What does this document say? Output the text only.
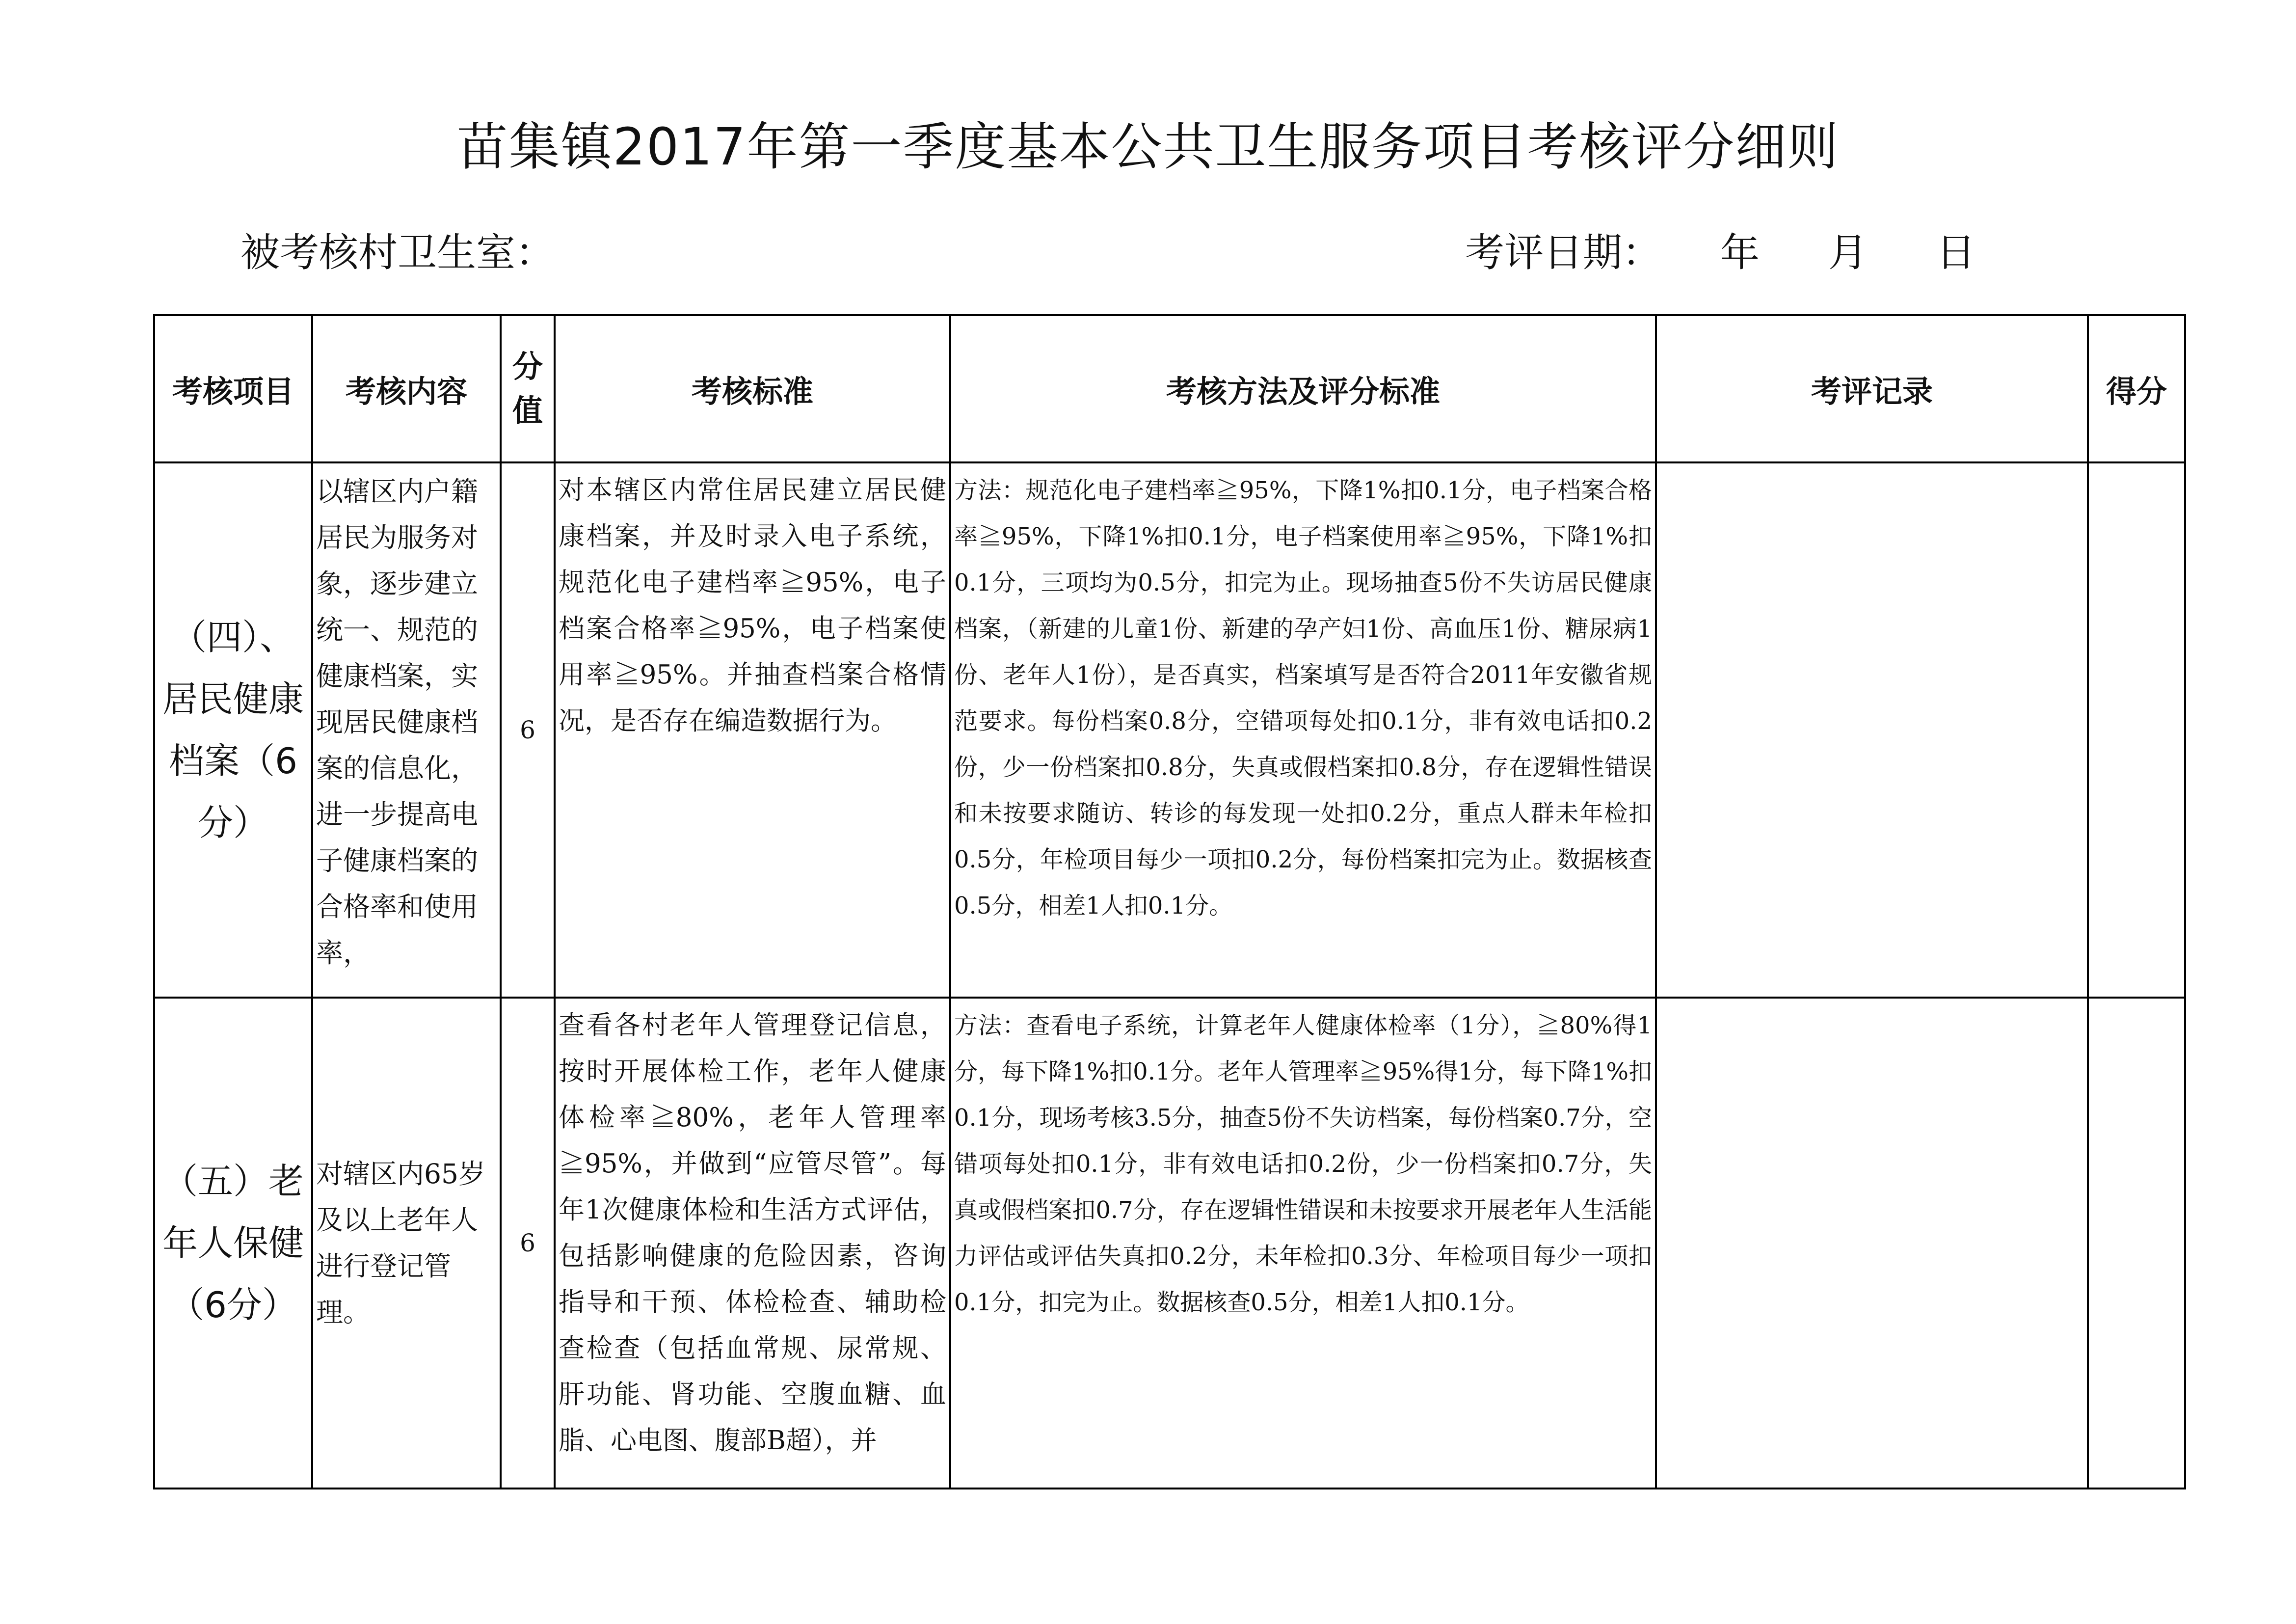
苗集镇2017年第一季度基本公共卫生服务项目考核评分细则
被考核村卫生室：	考评日期： 年 月 日
考核项目	考核内容	分值	考核标准	考核方法及评分标准	考评记录	得分
（四）、居民健康档案（6分）	以辖区内户籍居民为服务对象，逐步建立统一、规范的健康档案，实现居民健康档案的信息化，进一步提高电子健康档案的合格率和使用率，	6	对本辖区内常住居民建立居民健康档案，并及时录入电子系统，规范化电子建档率≧95%，电子档案合格率≧95%，电子档案使用率≧95%。并抽查档案合格情况，是否存在编造数据行为。	方法：规范化电子建档率≧95%，下降1%扣0.1分，电子档案合格率≧95%，下降1%扣0.1分，电子档案使用率≧95%，下降1%扣0.1分，三项均为0.5分，扣完为止。现场抽查5份不失访居民健康档案，（新建的儿童1份、新建的孕产妇1份、高血压1份、糖尿病1份、老年人1份），是否真实，档案填写是否符合2011年安徽省规范要求。每份档案0.8分，空错项每处扣0.1分，非有效电话扣0.2份，少一份档案扣0.8分，失真或假档案扣0.8分，存在逻辑性错误和未按要求随访、转诊的每发现一处扣0.2分，重点人群未年检扣0.5分，年检项目每少一项扣0.2分，每份档案扣完为止。数据核查0.5分，相差1人扣0.1分。		
（五）老年人保健（6分）	对辖区内65岁及以上老年人进行登记管理。	6	查看各村老年人管理登记信息，按时开展体检工作，老年人健康体检率≧80%，老年人管理率≧95%，并做到“应管尽管”。每年1次健康体检和生活方式评估，包括影响健康的危险因素，咨询指导和干预、体检检查、辅助检查检查（包括血常规、尿常规、肝功能、肾功能、空腹血糖、血脂、心电图、腹部B超），并	方法：查看电子系统，计算老年人健康体检率（1分），≧80%得1分，每下降1%扣0.1分。老年人管理率≧95%得1分，每下降1%扣0.1分，现场考核3.5分，抽查5份不失访档案，每份档案0.7分，空错项每处扣0.1分，非有效电话扣0.2份，少一份档案扣0.7分，失真或假档案扣0.7分，存在逻辑性错误和未按要求开展老年人生活能力评估或评估失真扣0.2分，未年检扣0.3分、年检项目每少一项扣0.1分，扣完为止。数据核查0.5分，相差1人扣0.1分。		
